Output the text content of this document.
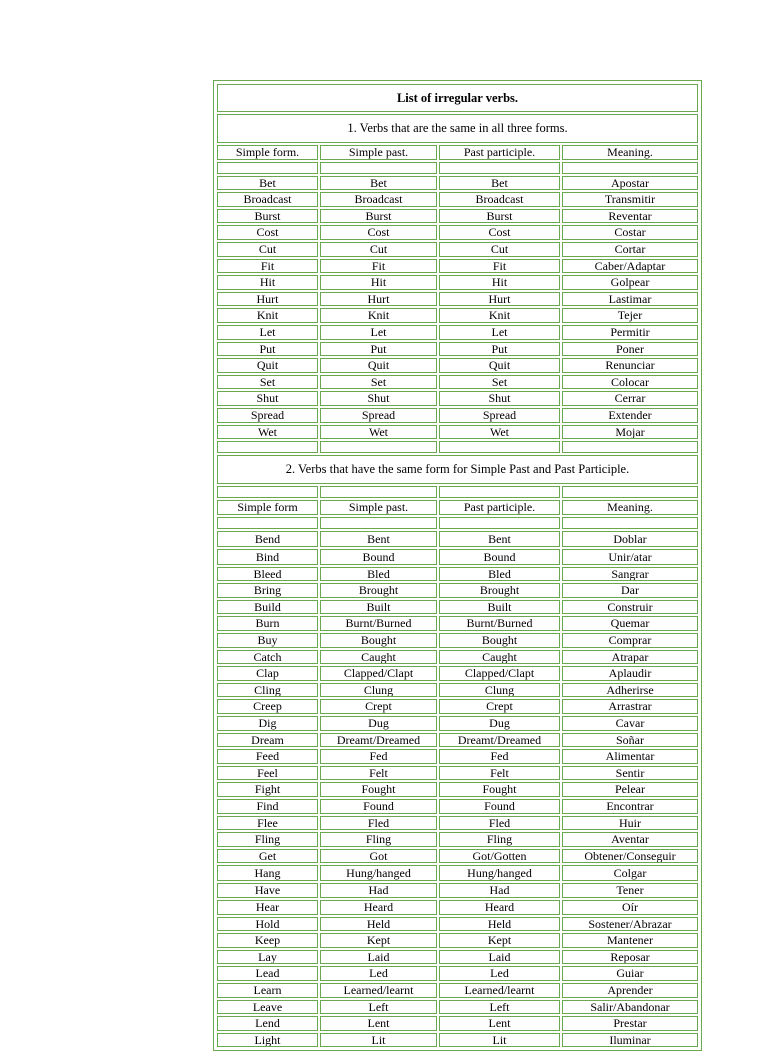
List of irregular verbs.			
1. Verbs that are the same in all three forms.			
Simple form.	Simple past.	Past participle.	Meaning.

Bet	Bet	Bet	Apostar
Broadcast	Broadcast	Broadcast	Transmitir
Burst	Burst	Burst	Reventar
Cost	Cost	Cost	Costar
Cut	Cut	Cut	Cortar
Fit	Fit	Fit	Caber/Adaptar
Hit	Hit	Hit	Golpear
Hurt	Hurt	Hurt	Lastimar
Knit	Knit	Knit	Tejer
Let	Let	Let	Permitir
Put	Put	Put	Poner
Quit	Quit	Quit	Renunciar
Set	Set	Set	Colocar
Shut	Shut	Shut	Cerrar
Spread	Spread	Spread	Extender
Wet	Wet	Wet	Mojar

2. Verbs that have the same form for Simple Past and Past Participle.			

Simple form	Simple past.	Past participle.	Meaning.

Bend	Bent	Bent	Doblar
Bind	Bound	Bound	Unir/atar
Bleed	Bled	Bled	Sangrar
Bring	Brought	Brought	Dar
Build	Built	Built	Construir
Burn	Burnt/Burned	Burnt/Burned	Quemar
Buy	Bought	Bought	Comprar
Catch	Caught	Caught	Atrapar
Clap	Clapped/Clapt	Clapped/Clapt	Aplaudir
Cling	Clung	Clung	Adherirse
Creep	Crept	Crept	Arrastrar
Dig	Dug	Dug	Cavar
Dream	Dreamt/Dreamed	Dreamt/Dreamed	Soñar
Feed	Fed	Fed	Alimentar
Feel	Felt	Felt	Sentir
Fight	Fought	Fought	Pelear
Find	Found	Found	Encontrar
Flee	Fled	Fled	Huir
Fling	Fling	Fling	Aventar
Get	Got	Got/Gotten	Obtener/Conseguir
Hang	Hung/hanged	Hung/hanged	Colgar
Have	Had	Had	Tener
Hear	Heard	Heard	Oír
Hold	Held	Held	Sostener/Abrazar
Keep	Kept	Kept	Mantener
Lay	Laid	Laid	Reposar
Lead	Led	Led	Guiar
Learn	Learned/learnt	Learned/learnt	Aprender
Leave	Left	Left	Salir/Abandonar
Lend	Lent	Lent	Prestar
Light	Lit	Lit	Iluminar
